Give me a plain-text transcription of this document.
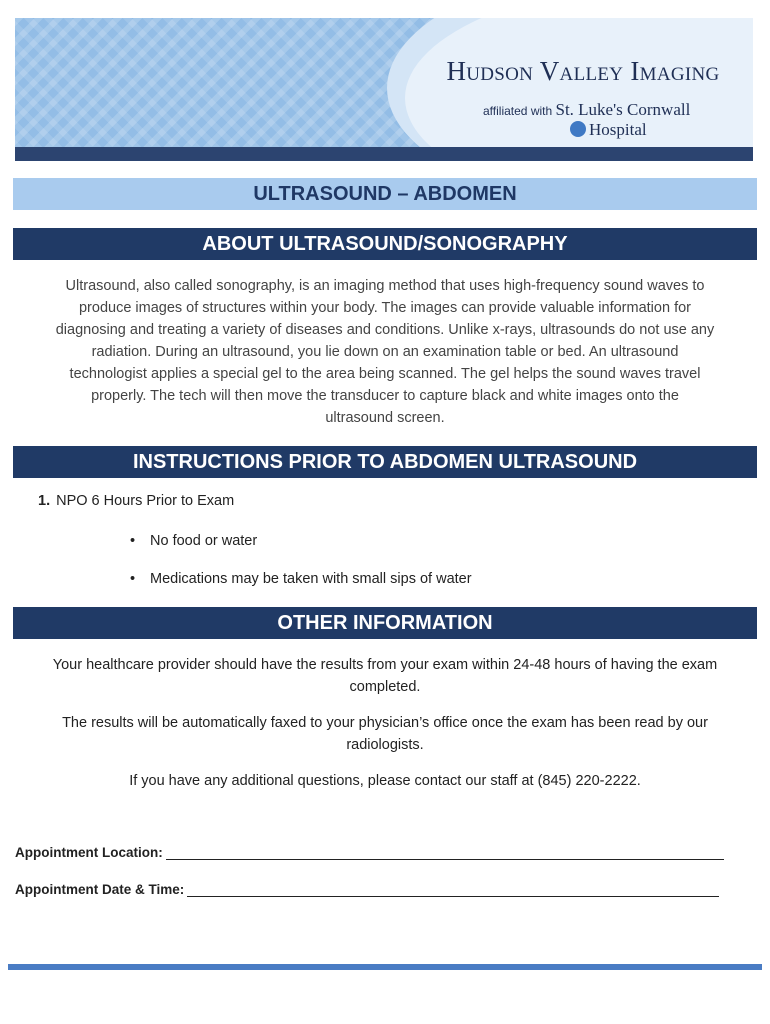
Hudson Valley Imaging
affiliated with St. Luke's Cornwall
Hospital
ULTRASOUND – ABDOMEN
ABOUT ULTRASOUND/SONOGRAPHY
Ultrasound, also called sonography, is an imaging method that uses high-frequency sound waves to
produce images of structures within your body. The images can provide valuable information for
diagnosing and treating a variety of diseases and conditions. Unlike x-rays, ultrasounds do not use any
radiation. During an ultrasound, you lie down on an examination table or bed. An ultrasound
technologist applies a special gel to the area being scanned. The gel helps the sound waves travel
properly. The tech will then move the transducer to capture black and white images onto the
ultrasound screen.
INSTRUCTIONS PRIOR TO ABDOMEN ULTRASOUND
1. NPO 6 Hours Prior to Exam
• No food or water
• Medications may be taken with small sips of water
OTHER INFORMATION
Your healthcare provider should have the results from your exam within 24-48 hours of having the exam
completed.
The results will be automatically faxed to your physician’s office once the exam has been read by our
radiologists.
If you have any additional questions, please contact our staff at (845) 220-2222.
Appointment Location:
Appointment Date & Time:
